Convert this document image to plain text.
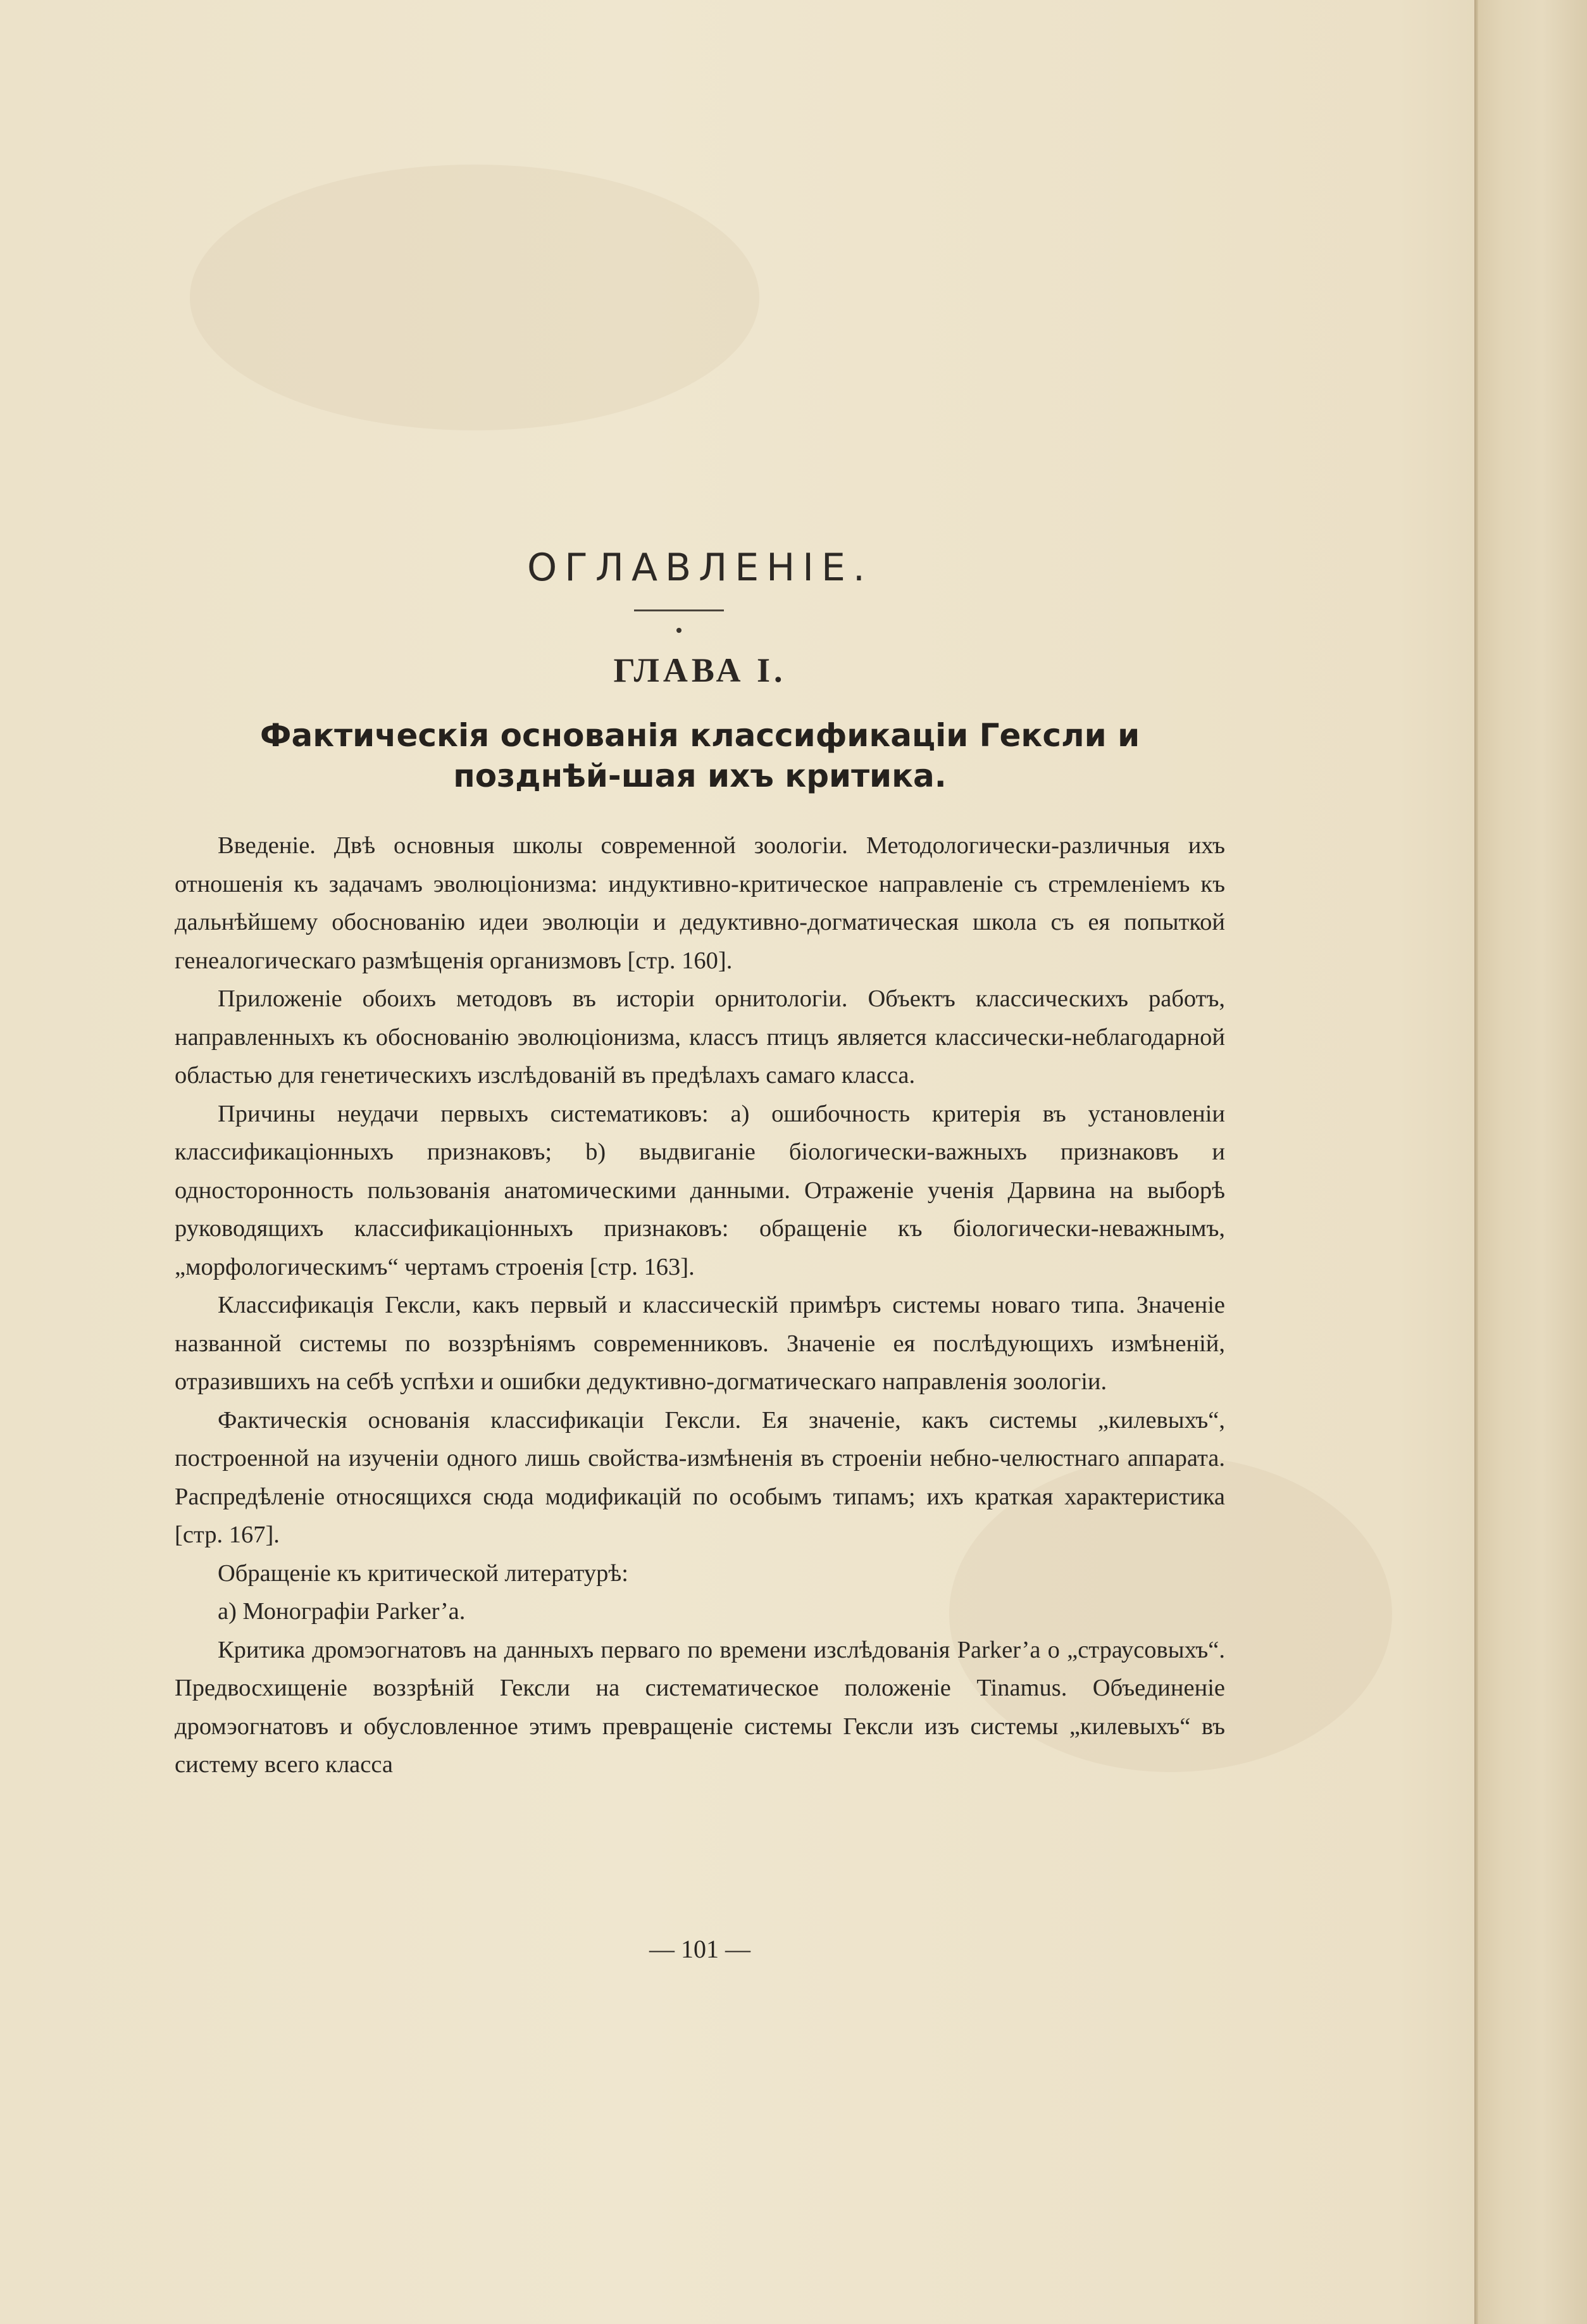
ОГЛАВЛЕНІЕ.
ГЛАВА I.
Фактическія основанія классификаціи Гексли и позднѣй-шая ихъ критика.

Введеніе. Двѣ основныя школы современной зоологіи. Методологически-различныя ихъ отношенія къ задачамъ эволюціонизма: индуктивно-критическое направленіе съ стремленіемъ къ дальнѣйшему обоснованію идеи эволюціи и дедуктивно-догматическая школа съ ея попыткой генеалогическаго размѣщенія организмовъ [стр. 160].

Приложеніе обоихъ методовъ въ исторіи орнитологіи. Объектъ классическихъ работъ, направленныхъ къ обоснованію эволюціонизма, классъ птицъ является классически-неблагодарной областью для генетическихъ изслѣдованій въ предѣлахъ самаго класса.

Причины неудачи первыхъ систематиковъ: а) ошибочность критерія въ установленіи классификаціонныхъ признаковъ; b) выдвиганіе біологически-важныхъ признаковъ и односторонность пользованія анатомическими данными. Отраженіе ученія Дарвина на выборѣ руководящихъ классификаціонныхъ признаковъ: обращеніе къ біологически-неважнымъ, „морфологическимъ“ чертамъ строенія [стр. 163].

Классификація Гексли, какъ первый и классическій примѣръ системы новаго типа. Значеніе названной системы по воззрѣніямъ современниковъ. Значеніе ея послѣдующихъ измѣненій, отразившихъ на себѣ успѣхи и ошибки дедуктивно-догматическаго направленія зоологіи.

Фактическія основанія классификаціи Гексли. Ея значеніе, какъ системы „килевыхъ“, построенной на изученіи одного лишь свойства-измѣненія въ строеніи небно-челюстнаго аппарата. Распредѣленіе относящихся сюда модификацій по особымъ типамъ; ихъ краткая характеристика [стр. 167].

Обращеніе къ критической литературѣ:

а) Монографіи Parker’a.

Критика дромэогнатовъ на данныхъ перваго по времени изслѣдованія Parker’a о „страусовыхъ“. Предвосхищеніе воззрѣній Гексли на систематическое положеніе Tinamus. Объединеніе дромэогнатовъ и обусловленное этимъ превращеніе системы Гексли изъ системы „килевыхъ“ въ систему всего класса

— 101 —
